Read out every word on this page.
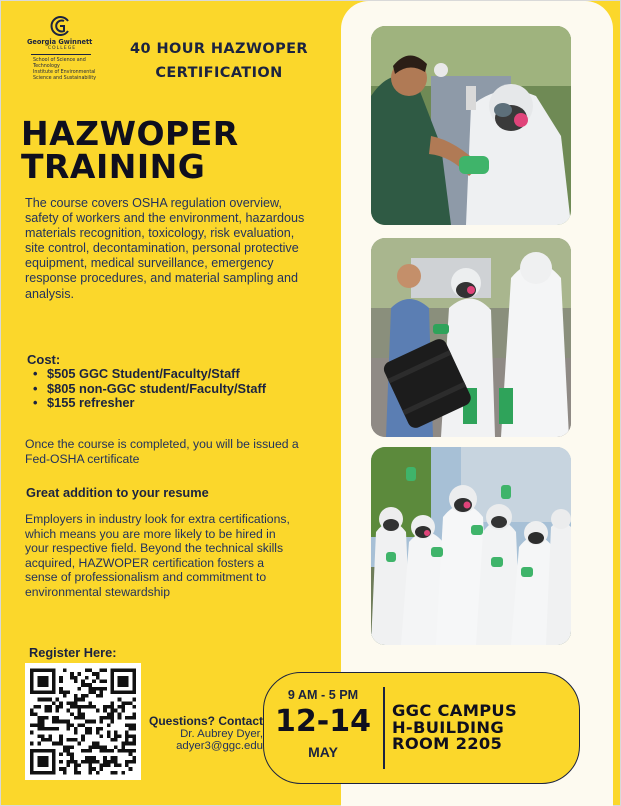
Georgia Gwinnett
COLLEGE
School of Science and Technology
Institute of Environmental Science and Sustainability
40 HOUR HAZWOPER CERTIFICATION
HAZWOPER
TRAINING

The course covers OSHA regulation overview, safety of workers and the environment, hazardous materials recognition, toxicology, risk evaluation, site control, decontamination, personal protective equipment, medical surveillance, emergency response procedures, and material sampling and analysis.

Cost:
• $505 GGC Student/Faculty/Staff
• $805 non-GGC student/Faculty/Staff
• $155 refresher

Once the course is completed, you will be issued a Fed-OSHA certificate

Great addition to your resume

Employers in industry look for extra certifications, which means you are more likely to be hired in your respective field. Beyond the technical skills acquired, HAZWOPER certification fosters a sense of professionalism and commitment to environmental stewardship

Register Here:
Questions? Contact
Dr. Aubrey Dyer,
adyer3@ggc.edu
9 AM - 5 PM
12-14
MAY
GGC CAMPUS
H-BUILDING
ROOM 2205
